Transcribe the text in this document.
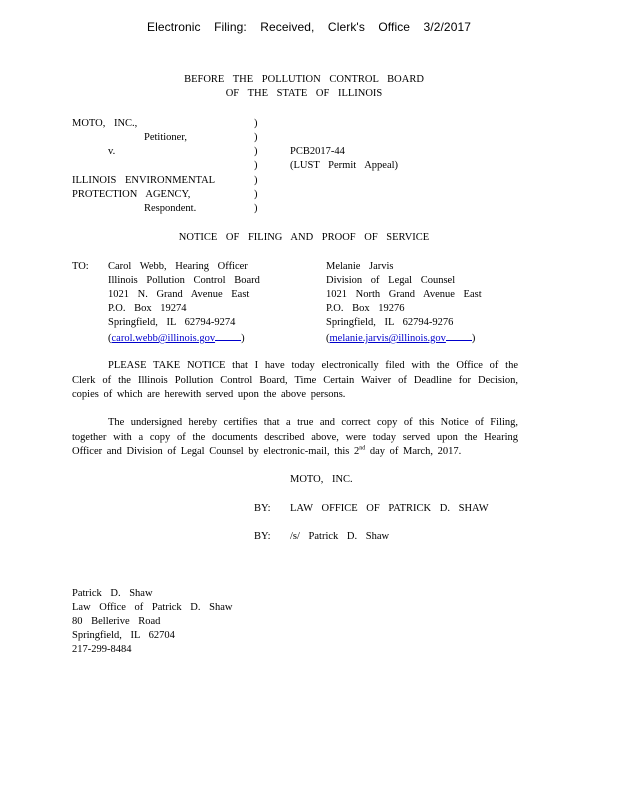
Electronic Filing: Received, Clerk's Office 3/2/2017
BEFORE THE POLLUTION CONTROL BOARD
OF THE STATE OF ILLINOIS
MOTO, INC.,
Petitioner,
v.
ILLINOIS ENVIRONMENTAL
PROTECTION AGENCY,
Respondent.
)
)
)
)
)
)
)
PCB2017-44
(LUST Permit Appeal)
NOTICE OF FILING AND PROOF OF SERVICE
TO: Carol Webb, Hearing Officer
Illinois Pollution Control Board
1021 N. Grand Avenue East
P.O. Box 19274
Springfield, IL 62794-9274
(carol.webb@illinois.gov )
Melanie Jarvis
Division of Legal Counsel
1021 North Grand Avenue East
P.O. Box 19276
Springfield, IL 62794-9276
(melanie.jarvis@illinois.gov )
PLEASE TAKE NOTICE that I have today electronically filed with the Office of the Clerk of the Illinois Pollution Control Board, Time Certain Waiver of Deadline for Decision, copies of which are herewith served upon the above persons.
The undersigned hereby certifies that a true and correct copy of this Notice of Filing, together with a copy of the documents described above, were today served upon the Hearing Officer and Division of Legal Counsel by electronic-mail, this 2nd day of March, 2017.
MOTO, INC.
BY: LAW OFFICE OF PATRICK D. SHAW
BY: /s/ Patrick D. Shaw
Patrick D. Shaw
Law Office of Patrick D. Shaw
80 Bellerive Road
Springfield, IL 62704
217-299-8484
